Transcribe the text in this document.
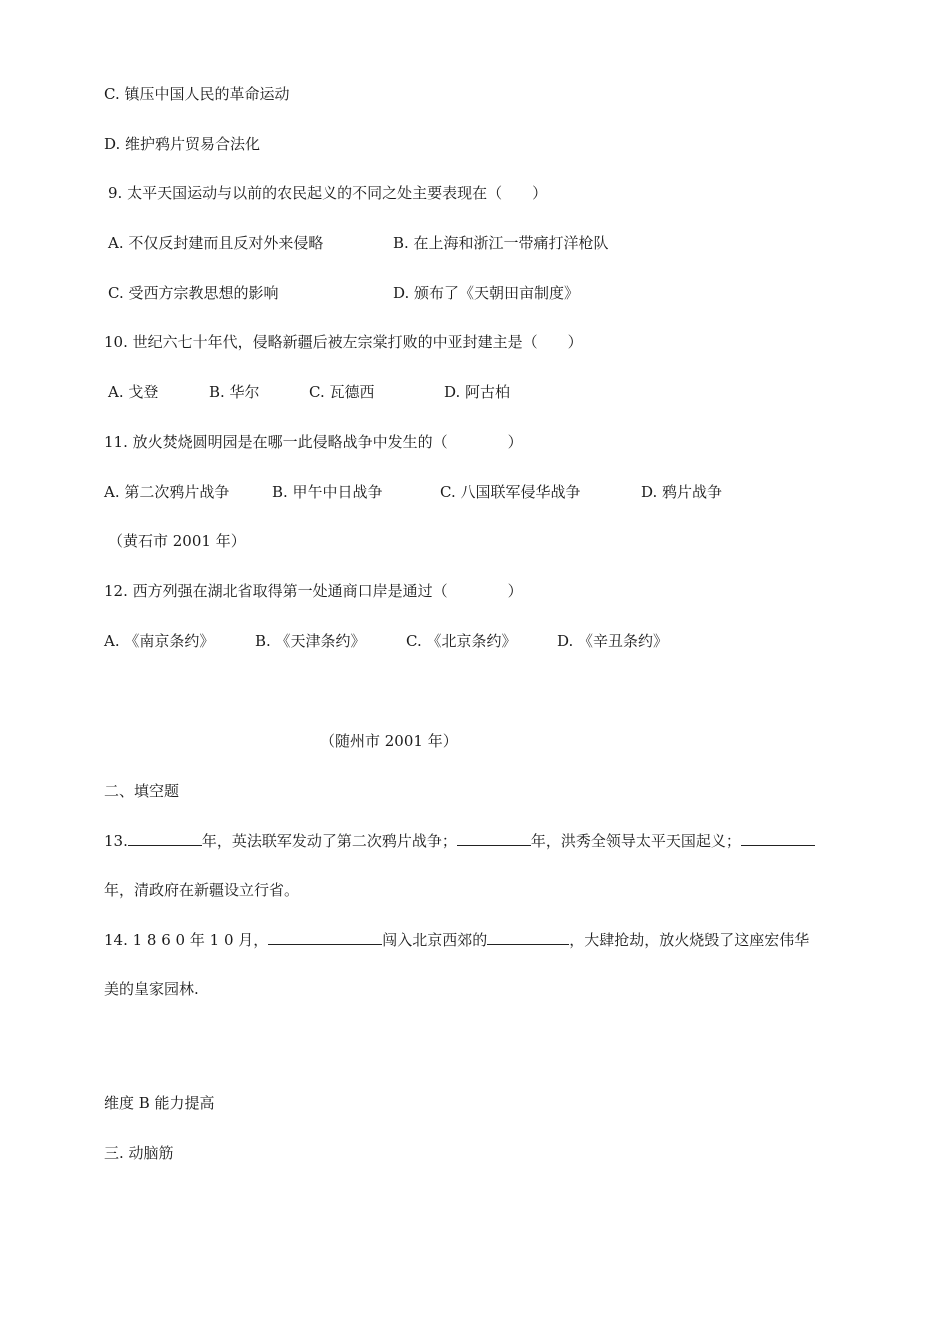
C. 镇压中国人民的革命运动
D. 维护鸦片贸易合法化
9. 太平天国运动与以前的农民起义的不同之处主要表现在（　　）
A. 不仅反封建而且反对外来侵略	B. 在上海和浙江一带痛打洋枪队
C. 受西方宗教思想的影响	D. 颁布了《天朝田亩制度》
10. 世纪六七十年代，侵略新疆后被左宗棠打败的中亚封建主是（　　）
A. 戈登	B. 华尔	C. 瓦德西	D. 阿古柏
11. 放火焚烧圆明园是在哪一此侵略战争中发生的（　　　　）
A. 第二次鸦片战争	B. 甲午中日战争	C. 八国联军侵华战争	D. 鸦片战争
（黄石市 2001 年）
12. 西方列强在湖北省取得第一处通商口岸是通过（　　　　）
A. 《南京条约》	B. 《天津条约》	C. 《北京条约》	D. 《辛丑条约》
（随州市 2001 年）
二、填空题
13.	年，英法联军发动了第二次鸦片战争；	年，洪秀全领导太平天国起义；
年，清政府在新疆设立行省。
14. 1 8 6 0 年 1 0 月，	闯入北京西郊的	，大肆抢劫，放火烧毁了这座宏伟华
美的皇家园林.
维度 B 能力提高
三. 动脑筋
